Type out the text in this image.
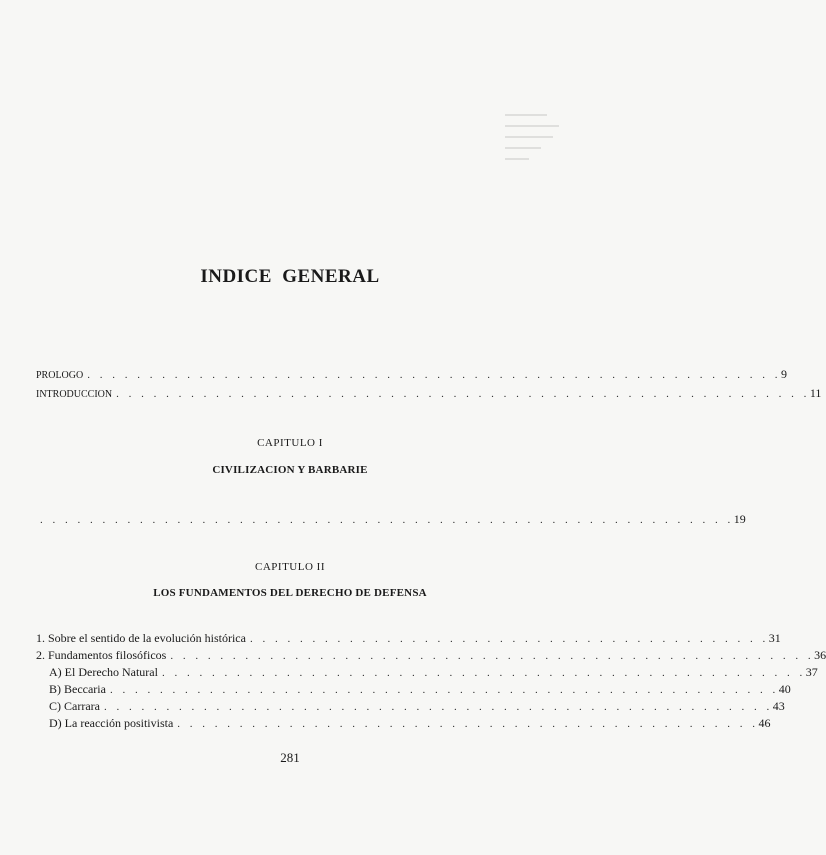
INDICE GENERAL
PROLOGO . . . . . . . . . . . . . . . . . . . . . . . . . . . . . . . . . . . . . . . . . . . . . . . . . . . . . . . . 9
INTRODUCCION . . . . . . . . . . . . . . . . . . . . . . . . . . . . . . . . . . . . . . . . . . . . . . . . . . . . . . . . 11
CAPITULO I
CIVILIZACION Y BARBARIE
. . . . . . . . . . . . . . . . . . . . . . . . . . . . . . . . . . . . . . . . . . . . . . . . . . . . . . . . 19
CAPITULO II
LOS FUNDAMENTOS DEL DERECHO DE DEFENSA
1. Sobre el sentido de la evolución histórica . . . . . . . . . . . . . . . . . . . . . . . . . . . . . . . . . . . . . . . . . . 31
2. Fundamentos filosóficos . . . . . . . . . . . . . . . . . . . . . . . . . . . . . . . . . . . . . . . . . . . . . . . . . . . . 36
A) El Derecho Natural . . . . . . . . . . . . . . . . . . . . . . . . . . . . . . . . . . . . . . . . . . . . . . . . . . . . 37
B) Beccaria . . . . . . . . . . . . . . . . . . . . . . . . . . . . . . . . . . . . . . . . . . . . . . . . . . . . . . 40
C) Carrara . . . . . . . . . . . . . . . . . . . . . . . . . . . . . . . . . . . . . . . . . . . . . . . . . . . . . . 43
D) La reacción positivista . . . . . . . . . . . . . . . . . . . . . . . . . . . . . . . . . . . . . . . . . . . . . . . 46
281
